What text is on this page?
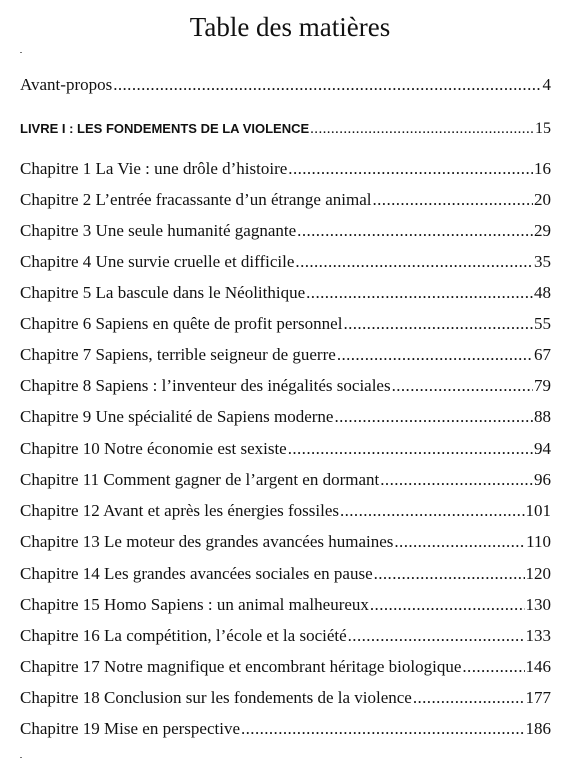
Table des matières
Avant-propos .....	4
LIVRE I : LES FONDEMENTS DE LA VIOLENCE .....	15
Chapitre 1 La Vie : une drôle d’histoire .....	16
Chapitre 2 L’entrée fracassante d’un étrange animal .....	20
Chapitre 3 Une seule humanité gagnante .....	29
Chapitre 4 Une survie cruelle et difficile .....	35
Chapitre 5 La bascule dans le Néolithique .....	48
Chapitre 6 Sapiens en quête de profit personnel .....	55
Chapitre 7 Sapiens, terrible seigneur de guerre .....	67
Chapitre 8 Sapiens : l’inventeur des inégalités sociales .....	79
Chapitre 9 Une spécialité de Sapiens moderne .....	88
Chapitre 10 Notre économie est sexiste .....	94
Chapitre 11 Comment gagner de l’argent en dormant .....	96
Chapitre 12 Avant et après les énergies fossiles .....	101
Chapitre 13 Le moteur des grandes avancées humaines .....	110
Chapitre 14 Les grandes avancées sociales en pause .....	120
Chapitre 15 Homo Sapiens : un animal malheureux .....	130
Chapitre 16 La compétition, l’école et la société .....	133
Chapitre 17 Notre magnifique et encombrant héritage biologique .....	146
Chapitre 18 Conclusion sur les fondements de la violence .....	177
Chapitre 19 Mise en perspective .....	186
